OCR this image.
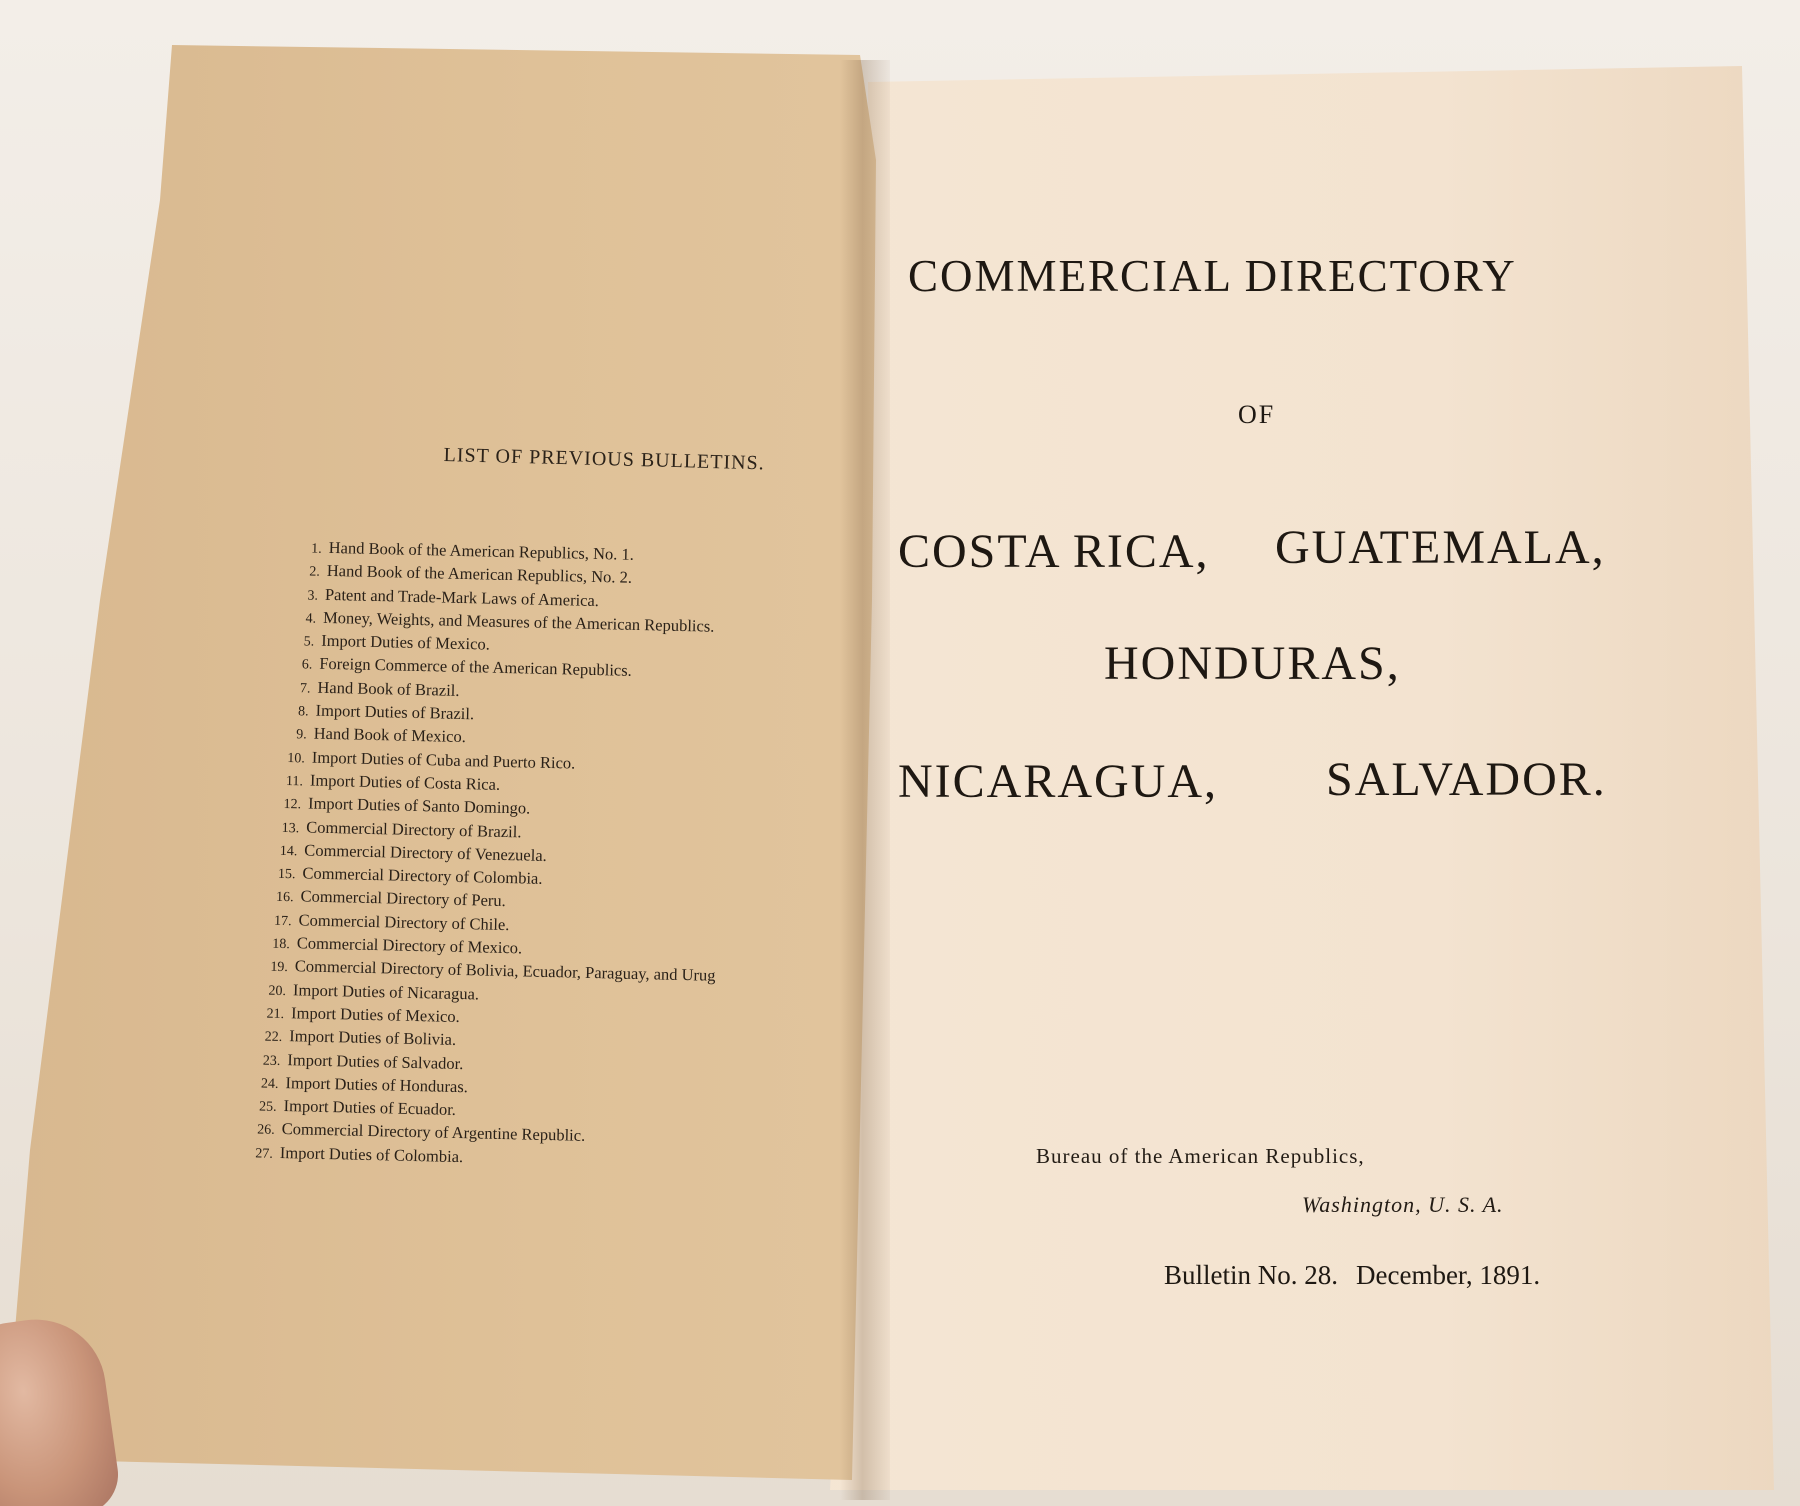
LIST OF PREVIOUS BULLETINS.
1. Hand Book of the American Republics, No. 1.
2. Hand Book of the American Republics, No. 2.
3. Patent and Trade-Mark Laws of America.
4. Money, Weights, and Measures of the American Republics.
5. Import Duties of Mexico.
6. Foreign Commerce of the American Republics.
7. Hand Book of Brazil.
8. Import Duties of Brazil.
9. Hand Book of Mexico.
10. Import Duties of Cuba and Puerto Rico.
11. Import Duties of Costa Rica.
12. Import Duties of Santo Domingo.
13. Commercial Directory of Brazil.
14. Commercial Directory of Venezuela.
15. Commercial Directory of Colombia.
16. Commercial Directory of Peru.
17. Commercial Directory of Chile.
18. Commercial Directory of Mexico.
19. Commercial Directory of Bolivia, Ecuador, Paraguay, and Urug
20. Import Duties of Nicaragua.
21. Import Duties of Mexico.
22. Import Duties of Bolivia.
23. Import Duties of Salvador.
24. Import Duties of Honduras.
25. Import Duties of Ecuador.
26. Commercial Directory of Argentine Republic.
27. Import Duties of Colombia.
COMMERCIAL DIRECTORY
OF
COSTA RICA, GUATEMALA,
HONDURAS,
NICARAGUA, SALVADOR.
Bureau of the American Republics,
Washington, U. S. A.
Bulletin No. 28. December, 1891.
